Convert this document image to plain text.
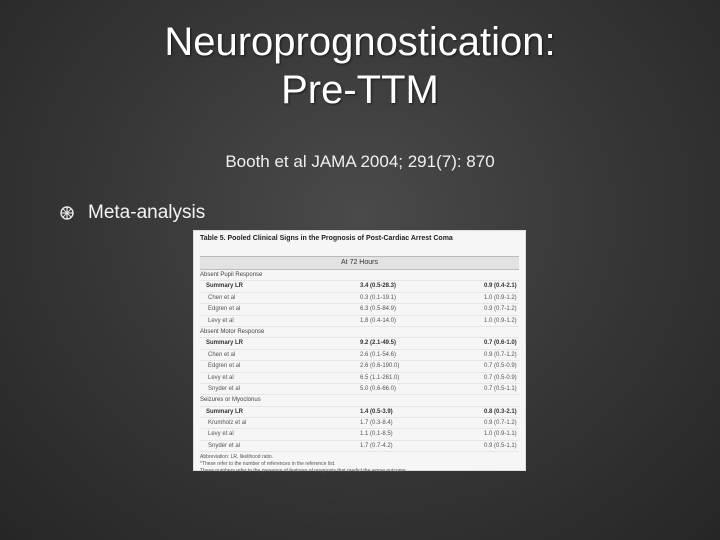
Neuroprognostication:
Pre-TTM
Booth et al JAMA 2004; 291(7): 870
Meta-analysis
Table 5. Pooled Clinical Signs in the Prognosis of Post-Cardiac Arrest Coma
At 72 Hours
Absent Pupil Response
Summary LR	3.4 (0.5-28.3)	0.9 (0.4-2.1)
Chen et al	0.3 (0.1-19.1)	1.0 (0.9-1.2)
Edgren et al	6.3 (0.5-84.9)	0.9 (0.7-1.2)
Levy et al	1.8 (0.4-14.0)	1.0 (0.9-1.2)
Absent Motor Response
Summary LR	9.2 (2.1-49.5)	0.7 (0.6-1.0)
Chen et al	2.6 (0.1-54.6)	0.9 (0.7-1.2)
Edgren et al	2.6 (0.6-190.0)	0.7 (0.5-0.9)
Levy et al	6.5 (1.1-261.0)	0.7 (0.5-0.9)
Snyder et al	5.0 (0.6-66.0)	0.7 (0.5-1.1)
Seizures or Myoclonus
Summary LR	1.4 (0.5-3.9)	0.8 (0.3-2.1)
Krumholz et al	1.7 (0.3-8.4)	0.9 (0.7-1.2)
Levy et al	1.1 (0.1-8.5)	1.0 (0.9-1.1)
Snyder et al	1.7 (0.7-4.2)	0.9 (0.5-1.1)
Abbreviation: LR, likelihood ratio.
*These refer to the number of references in the reference list.
These numbers refer to the presence of features of prognosis that predict the worse outcome.
